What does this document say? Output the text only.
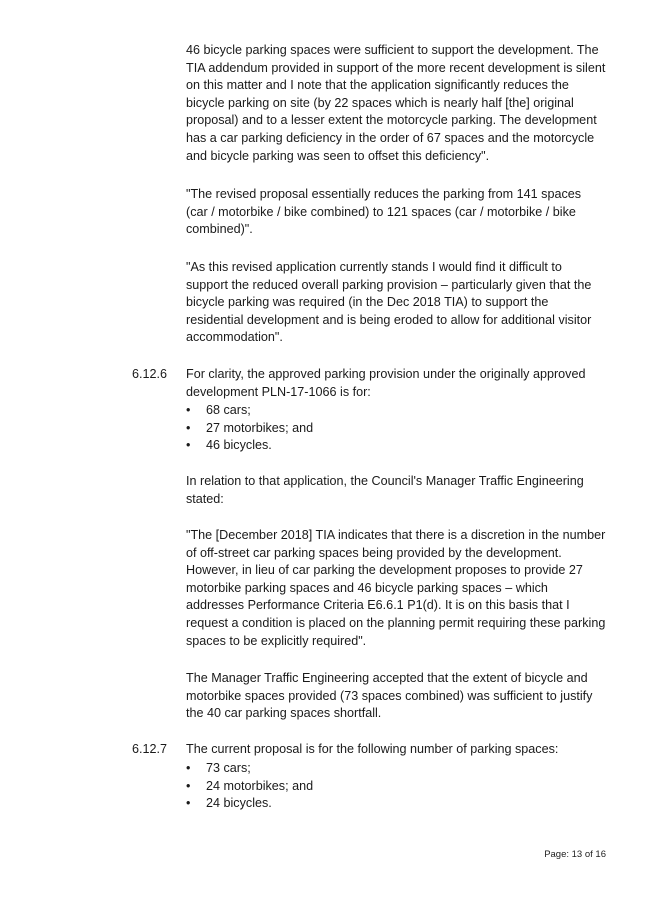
46 bicycle parking spaces were sufficient to support the development. The TIA addendum provided in support of the more recent development is silent on this matter and I note that the application significantly reduces the bicycle parking on site (by 22 spaces which is nearly half [the] original proposal) and to a lesser extent the motorcycle parking. The development has a car parking deficiency in the order of 67 spaces and the motorcycle and bicycle parking was seen to offset this deficiency".

"The revised proposal essentially reduces the parking from 141 spaces (car / motorbike / bike combined) to 121 spaces (car / motorbike / bike combined)".

"As this revised application currently stands I would find it difficult to support the reduced overall parking provision – particularly given that the bicycle parking was required (in the Dec 2018 TIA) to support the residential development and is being eroded to allow for additional visitor accommodation".

6.12.6 For clarity, the approved parking provision under the originally approved development PLN-17-1066 is for:

• 68 cars;
• 27 motorbikes; and
• 46 bicycles.

In relation to that application, the Council's Manager Traffic Engineering stated:

"The [December 2018] TIA indicates that there is a discretion in the number of off-street car parking spaces being provided by the development. However, in lieu of car parking the development proposes to provide 27 motorbike parking spaces and 46 bicycle parking spaces – which addresses Performance Criteria E6.6.1 P1(d). It is on this basis that I request a condition is placed on the planning permit requiring these parking spaces to be explicitly required".

The Manager Traffic Engineering accepted that the extent of bicycle and motorbike spaces provided (73 spaces combined) was sufficient to justify the 40 car parking spaces shortfall.

6.12.7 The current proposal is for the following number of parking spaces:

• 73 cars;
• 24 motorbikes; and
• 24 bicycles.
Page: 13 of 16
